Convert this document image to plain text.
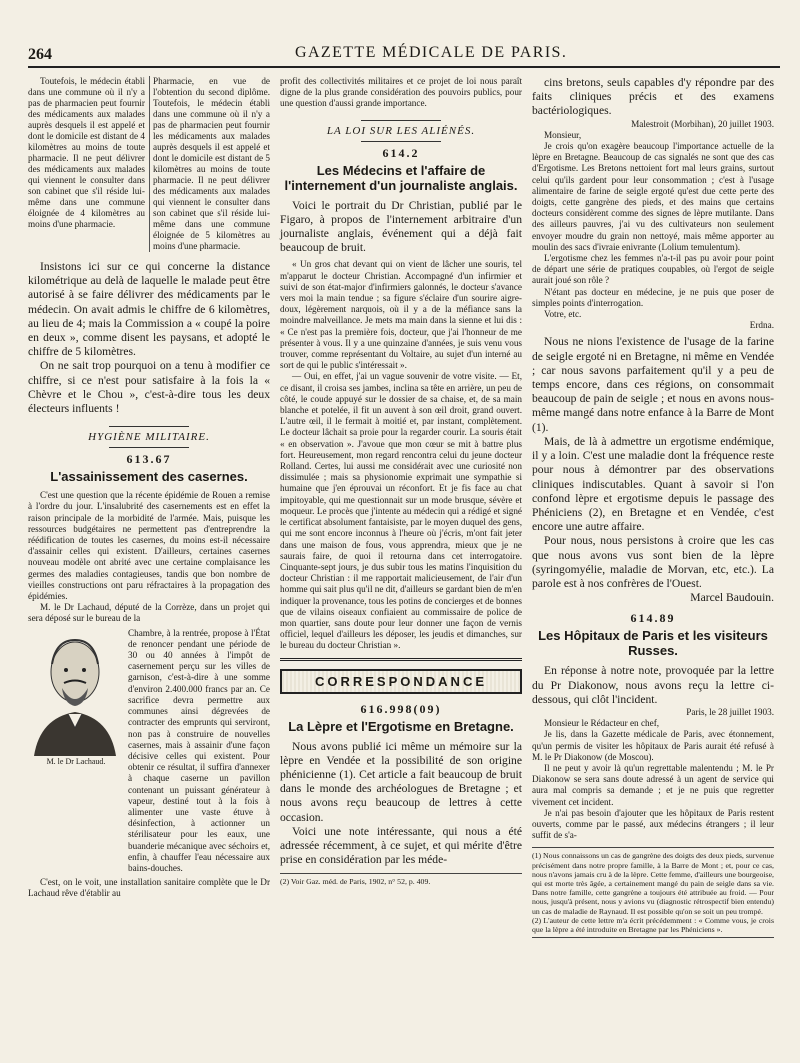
264	GAZETTE MÉDICALE DE PARIS.

Toutefois, le médecin établi dans une commune où il n'y a pas de pharmacien peut fournir des médicaments aux malades auprès desquels il est appelé et dont le domicile est distant de 4 kilomètres au moins de toute pharmacie. Il ne peut délivrer des médicaments aux malades qui viennent le consulter dans son cabinet que s'il réside lui-même dans une commune éloignée de 4 kilomètres au moins d'une pharmacie.

Pharmacie, en vue de l'obtention du second diplôme. Toutefois, le médecin établi dans une commune où il n'y a pas de pharmacien peut fournir les médicaments aux malades auprès desquels il est appelé et dont le domicile est distant de 5 kilomètres au moins de toute pharmacie. Il ne peut délivrer des médicaments aux malades qui viennent le consulter dans son cabinet que s'il réside lui-même dans une commune éloignée de 5 kilomètres au moins d'une pharmacie.

Insistons ici sur ce qui concerne la distance kilométrique au delà de laquelle le malade peut être autorisé à se faire délivrer des médicaments par le médecin. On avait admis le chiffre de 6 kilomètres, au lieu de 4; mais la Commission a « coupé la poire en deux », comme disent les paysans, et adopté le chiffre de 5 kilomètres.

On ne sait trop pourquoi on a tenu à modifier ce chiffre, si ce n'est pour satisfaire à la fois la « Chèvre et le Chou », c'est-à-dire tous les deux électeurs influents !

HYGIÈNE MILITAIRE.
613.67
L'assainissement des casernes.

C'est une question que la récente épidémie de Rouen a remise à l'ordre du jour. L'insalubrité des casernements est en effet la raison principale de la morbidité de l'armée. Mais, puisque les ressources budgétaires ne permettent pas d'entreprendre la réédification de toutes les casernes, du moins est-il nécessaire d'assainir celles qui existent. D'ailleurs, certaines casernes nouveau modèle ont abrité avec une certaine complaisance les germes des maladies contagieuses, tandis que bon nombre de vieilles constructions ont paru réfractaires à la propagation des épidémies.

M. le Dr Lachaud, député de la Corrèze, dans un projet qui sera déposé sur le bureau de la

M. le Dr Lachaud.

Chambre, à la rentrée, propose à l'État de renoncer pendant une période de 30 ou 40 années à l'impôt de casernement perçu sur les villes de garnison, c'est-à-dire à une somme d'environ 2.400.000 francs par an. Ce sacrifice devra permettre aux communes ainsi dégrevées de contracter des emprunts qui serviront, non pas à construire de nouvelles casernes, mais à assainir d'une façon décisive celles qui existent. Pour obtenir ce résultat, il suffira d'annexer à chaque caserne un pavillon contenant un puissant générateur à vapeur, destiné tout à la fois à alimenter une vaste étuve à désinfection, à actionner un stérilisateur pour les eaux, une buanderie mécanique avec séchoirs et, enfin, à chauffer l'eau nécessaire aux bains-douches.

C'est, on le voit, une installation sanitaire complète que le Dr Lachaud rêve d'établir au

profit des collectivités militaires et ce projet de loi nous paraît digne de la plus grande considération des pouvoirs publics, pour une question d'aussi grande importance.

LA LOI SUR LES ALIÉNÉS.
614.2
Les Médecins et l'affaire de l'internement d'un journaliste anglais.

Voici le portrait du Dr Christian, publié par le Figaro, à propos de l'internement arbitraire d'un journaliste anglais, événement qui a déjà fait beaucoup de bruit.

« Un gros chat devant qui on vient de lâcher une souris, tel m'apparut le docteur Christian. Accompagné d'un infirmier et suivi de son état-major d'infirmiers galonnés, le docteur s'avance vers moi la main tendue ; sa figure s'éclaire d'un sourire aigre-doux, légèrement narquois, où il y a de la méfiance sans la moindre malveillance. Je mets ma main dans la sienne et lui dis : « Ce n'est pas la première fois, docteur, que j'ai l'honneur de me présenter à vous. Il y a une quinzaine d'années, je suis venu vous trouver, comme représentant du Voltaire, au sujet d'un interné au sort de qui le public s'intéressait ».

— Oui, en effet, j'ai un vague souvenir de votre visite. — Et, ce disant, il croisa ses jambes, inclina sa tête en arrière, un peu de côté, le coude appuyé sur le dossier de sa chaise, et, de sa main blanche et potelée, il fit un auvent à son œil droit, grand ouvert. L'autre œil, il le fermait à moitié et, par instant, complètement. Le docteur lâchait sa proie pour la regarder courir. La souris était « en observation ». J'avoue que mon cœur se mit à battre plus fort. Heureusement, mon regard rencontra celui du jeune docteur Rolland. Certes, lui aussi me considérait avec une curiosité non dissimulée ; mais sa physionomie exprimait une sympathie si humaine que j'en éprouvai un réconfort. Et je fis face au chat impitoyable, qui me questionnait sur un mode brusque, sévère et moqueur. Le procès que j'intente au médecin qui a rédigé et signé le certificat absolument fantaisiste, par le moyen duquel des gens, qui me sont encore inconnus à l'heure où j'écris, m'ont fait jeter dans une maison de fous, vous apprendra, mieux que je ne saurais faire, de quoi il retourna dans cet interrogatoire. Cinquante-sept jours, je dus subir tous les matins l'inquisition du docteur Christian : il me rapportait malicieusement, de l'air d'un homme qui sait plus qu'il ne dit, d'ailleurs se gardant bien de m'en indiquer la provenance, tous les potins de concierges et de bonnes que de vilains oiseaux confiaient au commissaire de police de mon quartier, sans doute pour leur donner une façon de vernis officiel, lequel d'ailleurs les déposer, les jeudis et dimanches, sur le bureau du docteur Christian ».

CORRESPONDANCE
616.998(09)
La Lèpre et l'Ergotisme en Bretagne.

Nous avons publié ici même un mémoire sur la lèpre en Vendée et la possibilité de son origine phénicienne (1). Cet article a fait beaucoup de bruit dans le monde des archéologues de Bretagne ; et nous avons reçu beaucoup de lettres à cette occasion.

Voici une note intéressante, qui nous a été adressée récemment, à ce sujet, et qui mérite d'être prise en considération par les méde-

(2) Voir Gaz. méd. de Paris, 1902, n° 52, p. 409.

cins bretons, seuls capables d'y répondre par des faits cliniques précis et des examens bactériologiques.

Malestroit (Morbihan), 20 juillet 1903.

Monsieur,

Je crois qu'on exagère beaucoup l'importance actuelle de la lèpre en Bretagne. Beaucoup de cas signalés ne sont que des cas d'Ergotisme. Les Bretons nettoient fort mal leurs grains, surtout celui qu'ils gardent pour leur consommation ; c'est à l'usage alimentaire de farine de seigle ergoté qu'est due cette perte des doigts, cette gangrène des pieds, et des mains que certains docteurs considèrent comme des signes de lèpre mutilante. Dans des ailleurs pauvres, j'ai vu des cultivateurs non seulement envoyer moudre du grain non nettoyé, mais même apporter au moulin des sacs d'ivraie enivrante (Lolium temulentum).

L'ergotisme chez les femmes n'a-t-il pas pu avoir pour point de départ une série de pratiques coupables, où l'ergot de seigle aurait joué son rôle ?

N'étant pas docteur en médecine, je ne puis que poser de simples points d'interrogation.

Votre, etc.

Erdna.

Nous ne nions l'existence de l'usage de la farine de seigle ergoté ni en Bretagne, ni même en Vendée ; car nous savons parfaitement qu'il y a peu de temps encore, dans ces régions, on consommait beaucoup de pain de seigle ; et nous en avons nous-même mangé dans notre enfance à la Barre de Mont (1).

Mais, de là à admettre un ergotisme endémique, il y a loin. C'est une maladie dont la fréquence reste pour nous à démontrer par des observations cliniques indiscutables. Quant à savoir si l'on confond lèpre et ergotisme depuis le passage des Phéniciens (2), en Bretagne et en Vendée, c'est encore une autre affaire.

Pour nous, nous persistons à croire que les cas que nous avons vus sont bien de la lèpre (syringomyélie, maladie de Morvan, etc, etc.). La parole est à nos confrères de l'Ouest.

Marcel Baudouin.

614.89
Les Hôpitaux de Paris et les visiteurs Russes.

En réponse à notre note, provoquée par la lettre du Pr Diakonow, nous avons reçu la lettre ci-dessous, qui clôt l'incident.

Paris, le 28 juillet 1903.

Monsieur le Rédacteur en chef,

Je lis, dans la Gazette médicale de Paris, avec étonnement, qu'un permis de visiter les hôpitaux de Paris aurait été refusé à M. le Pr Diakonow (de Moscou).

Il ne peut y avoir là qu'un regrettable malentendu ; M. le Pr Diakonow se sera sans doute adressé à un agent de service qui aura mal compris sa demande ; et je ne puis que regretter vivement cet incident.

Je n'ai pas besoin d'ajouter que les hôpitaux de Paris restent ouverts, comme par le passé, aux médecins étrangers ; il leur suffit de s'a-

(1) Nous connaissons un cas de gangrène des doigts des deux pieds, survenue précisément dans notre propre famille, à la Barre de Mont ; et, pour ce cas, nous n'avons jamais cru à de la lèpre. Cette femme, d'ailleurs une bourgeoise, qui est morte très âgée, a certainement mangé du pain de seigle dans sa vie. Dans notre famille, cette gangrène a toujours été attribuée au froid. — Pour nous, jusqu'à présent, nous y avions vu (diagnostic rétrospectif bien entendu) un cas de maladie de Raynaud. Il est possible qu'on se soit un peu trompé.

(2) L'auteur de cette lettre m'a écrit précédemment : « Comme vous, je crois que la lèpre a été introduite en Bretagne par les Phéniciens ».
